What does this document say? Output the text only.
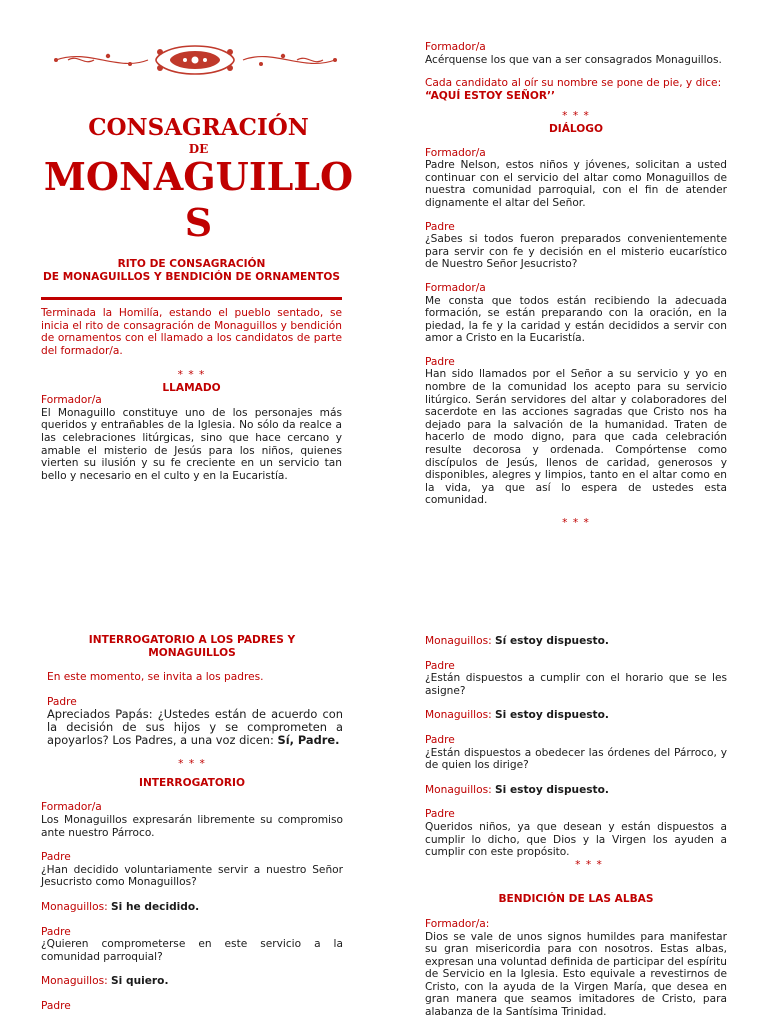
CONSAGRACIÓN
DE
MONAGUILLO
S
RITO DE CONSAGRACIÓN
DE MONAGUILLOS Y BENDICIÓN DE ORNAMENTOS
Terminada la Homilía, estando el pueblo sentado, se inicia el rito de consagración de Monaguillos y bendición de ornamentos con el llamado a los candidatos de parte del formador/a.

* * *

LLAMADO

Formador/a

El Monaguillo constituye uno de los personajes más queridos y entrañables de la Iglesia. No sólo da realce a las celebraciones litúrgicas, sino que hace cercano y amable el misterio de Jesús para los niños, quienes vierten su ilusión y su fe creciente en un servicio tan bello y necesario en el culto y en la Eucaristía.

Formador/a

Acérquense los que van a ser consagrados Monaguillos.

Cada candidato al oír su nombre se pone de pie, y dice:

“AQUÍ ESTOY SEÑOR’’

* * *

DIÁLOGO

Formador/a

Padre Nelson, estos niños y jóvenes, solicitan a usted continuar con el servicio del altar como Monaguillos de nuestra comunidad parroquial, con el fin de atender dignamente el altar del Señor.

Padre

¿Sabes si todos fueron preparados convenientemente para servir con fe y decisión en el misterio eucarístico de Nuestro Señor Jesucristo?

Formador/a

Me consta que todos están recibiendo la adecuada formación, se están preparando con la oración, en la piedad, la fe y la caridad y están decididos a servir con amor a Cristo en la Eucaristía.

Padre

Han sido llamados por el Señor a su servicio y yo en nombre de la comunidad los acepto para su servicio litúrgico. Serán servidores del altar y colaboradores del sacerdote en las acciones sagradas que Cristo nos ha dejado para la salvación de la humanidad. Traten de hacerlo de modo digno, para que cada celebración resulte decorosa y ordenada. Compórtense como discípulos de Jesús, llenos de caridad, generosos y disponibles, alegres y limpios, tanto en el altar como en la vida, ya que así lo espera de ustedes esta comunidad.

* * *

INTERROGATORIO A LOS PADRES Y

MONAGUILLOS

En este momento, se invita a los padres.

Padre

Apreciados Papás: ¿Ustedes están de acuerdo con la decisión de sus hijos y se comprometen a apoyarlos? Los Padres, a una voz dicen: Sí, Padre.

* * *

INTERROGATORIO

Formador/a

Los Monaguillos expresarán libremente su compromiso ante nuestro Párroco.

Padre

¿Han decidido voluntariamente servir a nuestro Señor Jesucristo como Monaguillos?

Monaguillos: Si he decidido.

Padre

¿Quieren comprometerse en este servicio a la comunidad parroquial?

Monaguillos: Si quiero.

Padre

Monaguillos: Sí estoy dispuesto.

Padre

¿Están dispuestos a cumplir con el horario que se les asigne?

Monaguillos: Si estoy dispuesto.

Padre

¿Están dispuestos a obedecer las órdenes del Párroco, y de quien los dirige?

Monaguillos: Si estoy dispuesto.

Padre

Queridos niños, ya que desean y están dispuestos a cumplir lo dicho, que Dios y la Virgen los ayuden a cumplir con este propósito.

* * *

BENDICIÓN DE LAS ALBAS

Formador/a:

Dios se vale de unos signos humildes para manifestar su gran misericordia para con nosotros. Estas albas, expresan una voluntad definida de participar del espíritu de Servicio en la Iglesia. Esto equivale a revestirnos de Cristo, con la ayuda de la Virgen María, que desea en gran manera que seamos imitadores de Cristo, para alabanza de la Santísima Trinidad.
